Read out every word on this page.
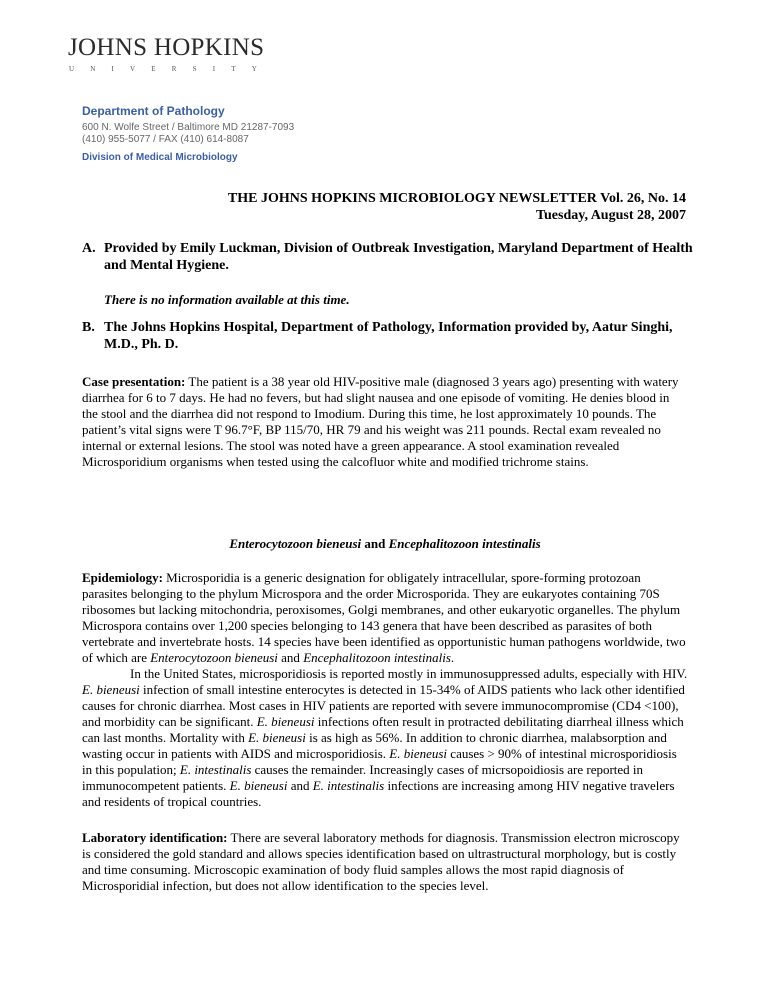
JOHNS HOPKINS
UNIVERSITY
Department of Pathology
600 N. Wolfe Street / Baltimore MD 21287-7093
(410) 955-5077 / FAX (410) 614-8087
Division of Medical Microbiology
THE JOHNS HOPKINS MICROBIOLOGY NEWSLETTER Vol. 26, No. 14
Tuesday, August 28, 2007
A. Provided by Emily Luckman, Division of Outbreak Investigation, Maryland Department of Health and Mental Hygiene.
There is no information available at this time.
B. The Johns Hopkins Hospital, Department of Pathology, Information provided by, Aatur Singhi, M.D., Ph. D.
Case presentation: The patient is a 38 year old HIV-positive male (diagnosed 3 years ago) presenting with watery diarrhea for 6 to 7 days. He had no fevers, but had slight nausea and one episode of vomiting. He denies blood in the stool and the diarrhea did not respond to Imodium. During this time, he lost approximately 10 pounds. The patient’s vital signs were T 96.7°F, BP 115/70, HR 79 and his weight was 211 pounds. Rectal exam revealed no internal or external lesions. The stool was noted have a green appearance. A stool examination revealed Microsporidium organisms when tested using the calcofluor white and modified trichrome stains.
Enterocytozoon bieneusi and Encephalitozoon intestinalis
Epidemiology: Microsporidia is a generic designation for obligately intracellular, spore-forming protozoan parasites belonging to the phylum Microspora and the order Microsporida. They are eukaryotes containing 70S ribosomes but lacking mitochondria, peroxisomes, Golgi membranes, and other eukaryotic organelles. The phylum Microspora contains over 1,200 species belonging to 143 genera that have been described as parasites of both vertebrate and invertebrate hosts. 14 species have been identified as opportunistic human pathogens worldwide, two of which are Enterocytozoon bieneusi and Encephalitozoon intestinalis.
In the United States, microsporidiosis is reported mostly in immunosuppressed adults, especially with HIV. E. bieneusi infection of small intestine enterocytes is detected in 15-34% of AIDS patients who lack other identified causes for chronic diarrhea. Most cases in HIV patients are reported with severe immunocompromise (CD4 <100), and morbidity can be significant. E. bieneusi infections often result in protracted debilitating diarrheal illness which can last months. Mortality with E. bieneusi is as high as 56%. In addition to chronic diarrhea, malabsorption and wasting occur in patients with AIDS and microsporidiosis. E. bieneusi causes > 90% of intestinal microsporidiosis in this population; E. intestinalis causes the remainder. Increasingly cases of micrsopoidiosis are reported in immunocompetent patients. E. bieneusi and E. intestinalis infections are increasing among HIV negative travelers and residents of tropical countries.
Laboratory identification: There are several laboratory methods for diagnosis. Transmission electron microscopy is considered the gold standard and allows species identification based on ultrastructural morphology, but is costly and time consuming. Microscopic examination of body fluid samples allows the most rapid diagnosis of Microsporidial infection, but does not allow identification to the species level.
